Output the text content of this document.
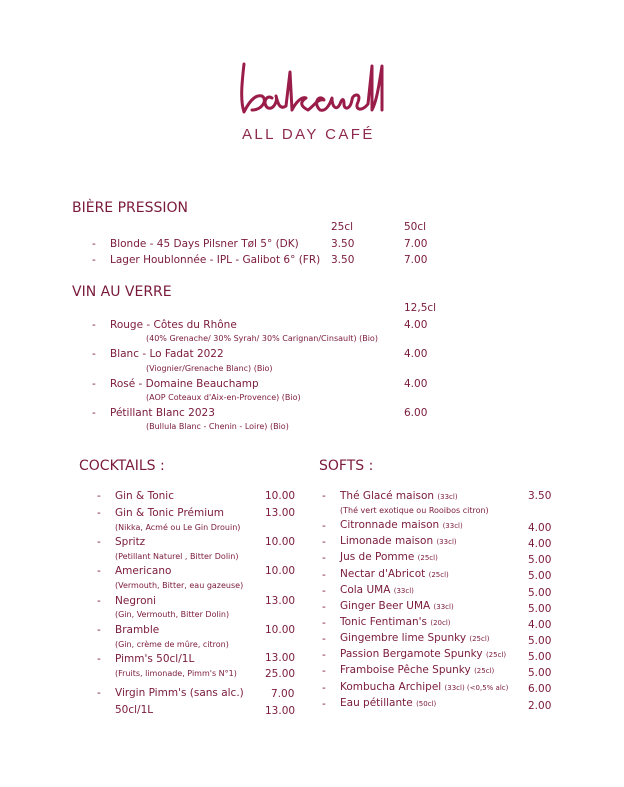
ALL DAY CAFÉ
BIÈRE PRESSION
25cl	50cl
- Blonde - 45 Days Pilsner Tøl 5° (DK)	3.50	7.00
- Lager Houblonnée - IPL - Galibot 6° (FR) 3.50	7.00
VIN AU VERRE
12,5cl
- Rouge - Côtes du Rhône	4.00
(40% Grenache/ 30% Syrah/ 30% Carignan/Cinsault) (Bio)
- Blanc - Lo Fadat 2022	4.00
(Viognier/Grenache Blanc) (Bio)
- Rosé - Domaine Beauchamp	4.00
(AOP Coteaux d'Aix-en-Provence) (Bio)
- Pétillant Blanc 2023	6.00
(Bullula Blanc - Chenin - Loire) (Bio)
COCKTAILS :
- Gin & Tonic	10.00
- Gin & Tonic Prémium	13.00
(Nikka, Acmé ou Le Gin Drouin)
- Spritz	10.00
(Petillant Naturel , Bitter Dolin)
- Americano	10.00
(Vermouth, Bitter, eau gazeuse)
- Negroni	13.00
(Gin, Vermouth, Bitter Dolin)
- Bramble	10.00
(Gin, crème de mûre, citron)
- Pimm's 50cl/1L	13.00
(Fruits, limonade, Pimm's N°1)	25.00
- Virgin Pimm's (sans alc.)	7.00
50cl/1L	13.00
SOFTS :
- Thé Glacé maison (33cl)	3.50
(Thé vert exotique ou Rooibos citron)
- Citronnade maison (33cl)	4.00
- Limonade maison (33cl)	4.00
- Jus de Pomme (25cl)	5.00
- Nectar d'Abricot (25cl)	5.00
- Cola UMA (33cl)	5.00
- Ginger Beer UMA (33cl)	5.00
- Tonic Fentiman's (20cl)	4.00
- Gingembre lime Spunky (25cl)	5.00
- Passion Bergamote Spunky (25cl) 5.00
- Framboise Pêche Spunky (25cl)	5.00
- Kombucha Archipel (33cl) (<0,5% alc) 6.00
- Eau pétillante (50cl)	2.00
